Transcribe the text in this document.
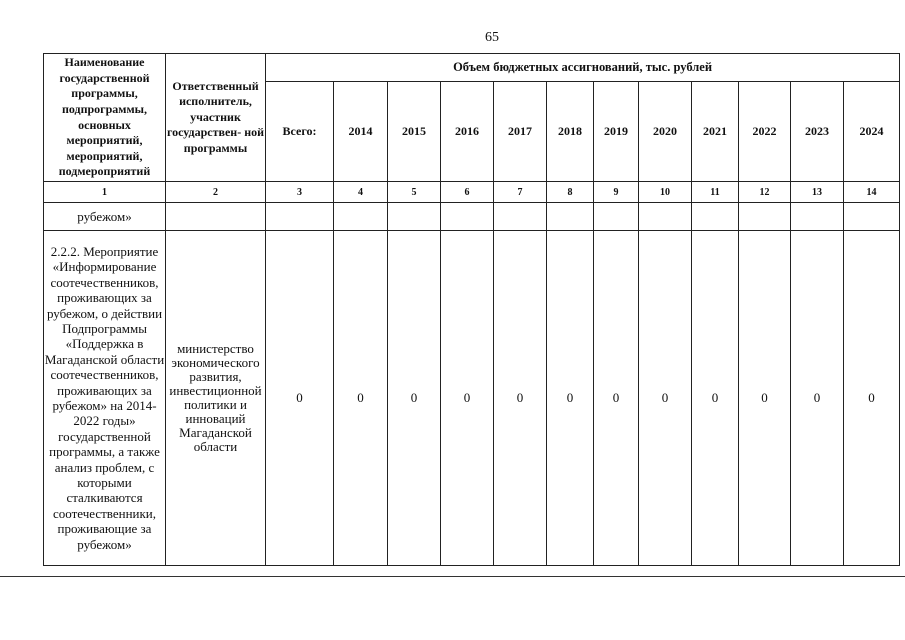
65
Наименование государственной программы, подпрограммы, основных мероприятий, мероприятий, подмероприятий	Ответственный исполнитель, участник государствен- ной программы	Объем бюджетных ассигнований, тыс. рублей											
		Всего:	2014	2015	2016	2017	2018	2019	2020	2021	2022	2023	2024
1	2	3	4	5	6	7	8	9	10	11	12	13	14
рубежом»													
2.2.2. Мероприятие «Информирование соотечественников, проживающих за рубежом, о действии Подпрограммы «Поддержка в Магаданской области соотечественников, проживающих за рубежом» на 2014-2022 годы» государственной программы, а также анализ проблем, с которыми сталкиваются соотечественники, проживающие за рубежом»	министерство экономического развития, инвестиционной политики и инноваций Магаданской области	0	0	0	0	0	0	0	0	0	0	0	0
